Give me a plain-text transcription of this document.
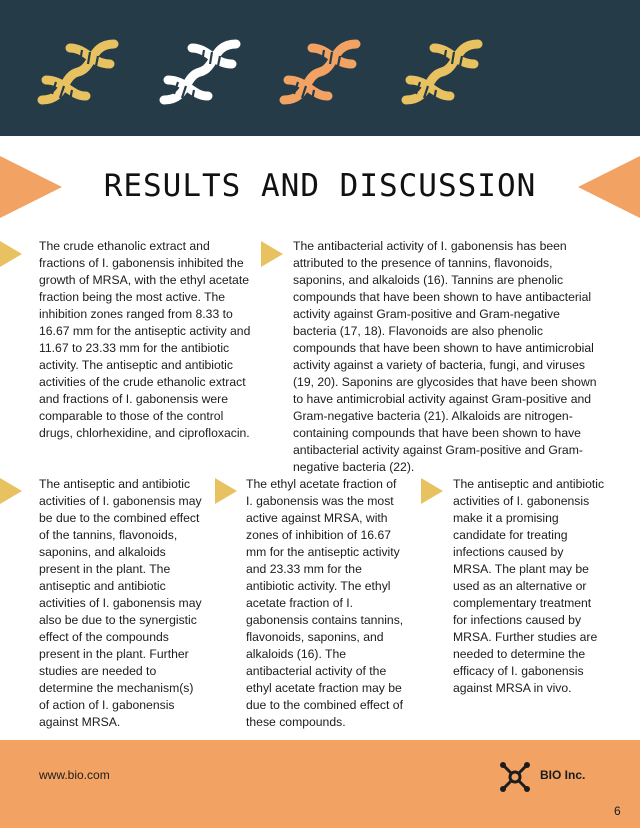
RESULTS AND DISCUSSION
The crude ethanolic extract and fractions of I. gabonensis inhibited the growth of MRSA, with the ethyl acetate fraction being the most active. The inhibition zones ranged from 8.33 to 16.67 mm for the antiseptic activity and 11.67 to 23.33 mm for the antibiotic activity. The antiseptic and antibiotic activities of the crude ethanolic extract and fractions of I. gabonensis were comparable to those of the control drugs, chlorhexidine, and ciprofloxacin.
The antibacterial activity of I. gabonensis has been attributed to the presence of tannins, flavonoids, saponins, and alkaloids (16). Tannins are phenolic compounds that have been shown to have antibacterial activity against Gram-positive and Gram-negative bacteria (17, 18). Flavonoids are also phenolic compounds that have been shown to have antimicrobial activity against a variety of bacteria, fungi, and viruses (19, 20). Saponins are glycosides that have been shown to have antimicrobial activity against Gram-positive and Gram-negative bacteria (21). Alkaloids are nitrogen-containing compounds that have been shown to have antibacterial activity against Gram-positive and Gram-negative bacteria (22).
The antiseptic and antibiotic activities of I. gabonensis may be due to the combined effect of the tannins, flavonoids, saponins, and alkaloids present in the plant. The antiseptic and antibiotic activities of I. gabonensis may also be due to the synergistic effect of the compounds present in the plant. Further studies are needed to determine the mechanism(s) of action of I. gabonensis against MRSA.
The ethyl acetate fraction of I. gabonensis was the most active against MRSA, with zones of inhibition of 16.67 mm for the antiseptic activity and 23.33 mm for the antibiotic activity. The ethyl acetate fraction of I. gabonensis contains tannins, flavonoids, saponins, and alkaloids (16). The antibacterial activity of the ethyl acetate fraction may be due to the combined effect of these compounds.
The antiseptic and antibiotic activities of I. gabonensis make it a promising candidate for treating infections caused by MRSA. The plant may be used as an alternative or complementary treatment for infections caused by MRSA. Further studies are needed to determine the efficacy of I. gabonensis against MRSA in vivo.
www.bio.com	BIO Inc.
6
